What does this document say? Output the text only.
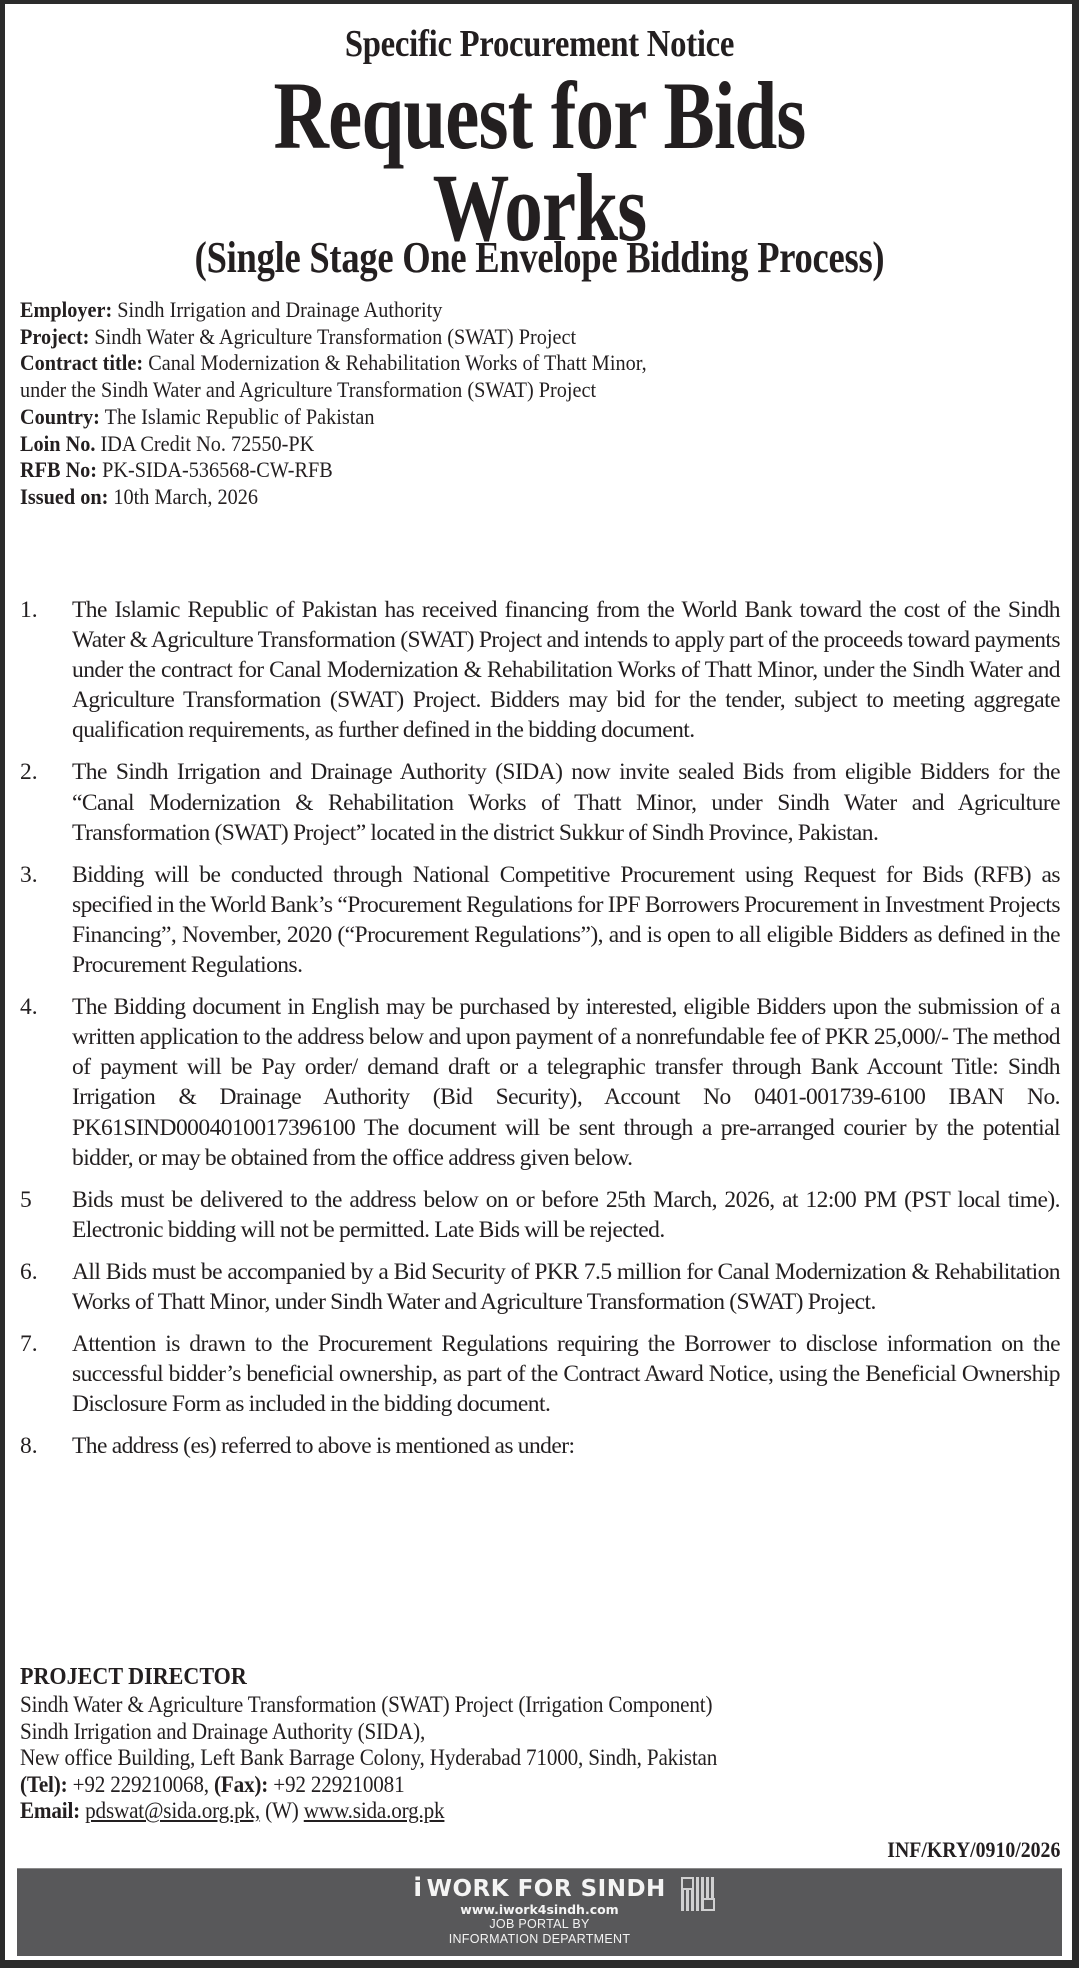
Specific Procurement Notice
Request for Bids
Works
(Single Stage One Envelope Bidding Process)
Employer: Sindh Irrigation and Drainage Authority
Project: Sindh Water & Agriculture Transformation (SWAT) Project
Contract title: Canal Modernization & Rehabilitation Works of Thatt Minor,
under the Sindh Water and Agriculture Transformation (SWAT) Project
Country: The Islamic Republic of Pakistan
Loin No. IDA Credit No. 72550-PK
RFB No: PK-SIDA-536568-CW-RFB
Issued on: 10th March, 2026
1.	The Islamic Republic of Pakistan has received financing from the World Bank toward the cost of the Sindh Water & Agriculture Transformation (SWAT) Project and intends to apply part of the proceeds toward payments under the contract for Canal Modernization & Rehabilitation Works of Thatt Minor, under the Sindh Water and Agriculture Transformation (SWAT) Project. Bidders may bid for the tender, subject to meeting aggregate qualification requirements, as further defined in the bidding document.
2.	The Sindh Irrigation and Drainage Authority (SIDA) now invite sealed Bids from eligible Bidders for the “Canal Modernization & Rehabilitation Works of Thatt Minor, under Sindh Water and Agriculture Transformation (SWAT) Project” located in the district Sukkur of Sindh Province, Pakistan.
3.	Bidding will be conducted through National Competitive Procurement using Request for Bids (RFB) as specified in the World Bank’s “Procurement Regulations for IPF Borrowers Procurement in Investment Projects Financing”, November, 2020 (“Procurement Regulations”), and is open to all eligible Bidders as defined in the Procurement Regulations.
4.	The Bidding document in English may be purchased by interested, eligible Bidders upon the submission of a written application to the address below and upon payment of a nonrefundable fee of PKR 25,000/- The method of payment will be Pay order/ demand draft or a telegraphic transfer through Bank Account Title: Sindh Irrigation & Drainage Authority (Bid Security), Account No 0401-001739-6100 IBAN No. PK61SIND0004010017396100 The document will be sent through a pre-arranged courier by the potential bidder, or may be obtained from the office address given below.
5	Bids must be delivered to the address below on or before 25th March, 2026, at 12:00 PM (PST local time). Electronic bidding will not be permitted. Late Bids will be rejected.
6.	All Bids must be accompanied by a Bid Security of PKR 7.5 million for Canal Modernization & Rehabilitation Works of Thatt Minor, under Sindh Water and Agriculture Transformation (SWAT) Project.
7.	Attention is drawn to the Procurement Regulations requiring the Borrower to disclose information on the successful bidder’s beneficial ownership, as part of the Contract Award Notice, using the Beneficial Ownership Disclosure Form as included in the bidding document.
8.	The address (es) referred to above is mentioned as under:
PROJECT DIRECTOR
Sindh Water & Agriculture Transformation (SWAT) Project (Irrigation Component)
Sindh Irrigation and Drainage Authority (SIDA),
New office Building, Left Bank Barrage Colony, Hyderabad 71000, Sindh, Pakistan
(Tel): +92 229210068, (Fax): +92 229210081
Email: pdswat@sida.org.pk, (W) www.sida.org.pk
INF/KRY/0910/2026
i WORK FOR SINDH
www.iwork4sindh.com
JOB PORTAL BY
INFORMATION DEPARTMENT
